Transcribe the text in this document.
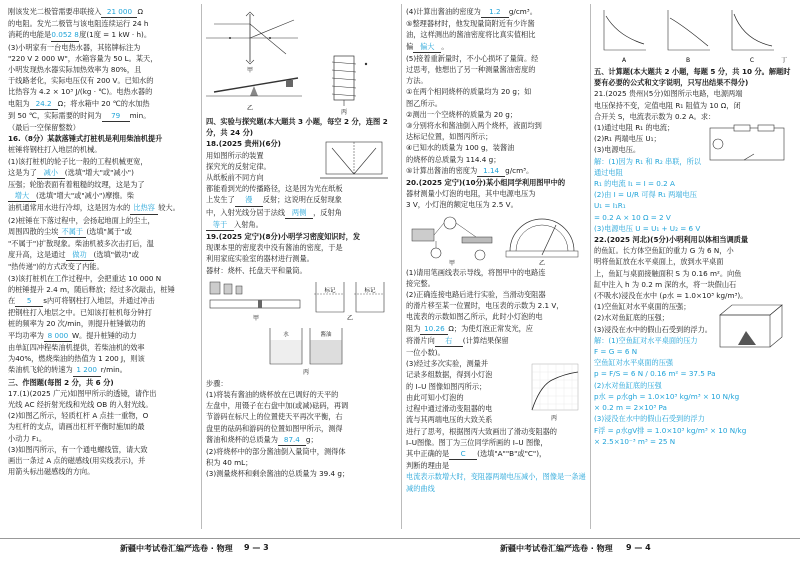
刚该发光二极管需要串联接入 21 000 Ω

的电阻。发光二极管与该电阻连续运行 24 h

消耗的电能是0.052 8度(1度 = 1 kW · h)。

(3)小明家有一台电热水器，其铭牌标注为

"220 V 2 000 W"，水箱容量为 50 L。某天，

小明发现热水器实际加热效率为 80%，且

于线路老化，实际电压仅有 200 V。已知水的

比热容为 4.2 × 10³ J/(kg · ℃)。电热水器的

电阻为 24.2 Ω；将水箱中 20 ℃的水加热

到 50 ℃，实际需要的时间为 79 min。

（最后一空保留整数）

16.（8分）某款落锤式打桩机是利用柴油机提升

桩锤将钢柱打入地层的机械。

(1)该打桩机的轮子比一般的工程机械更宽，

这是为了 减小 (选填"增大"或"减小")

压强；轮胎表面有着粗糙的纹理，这是为了

增大 (选填"增大"或"减小")摩擦。柴

油机通常用水进行冷却，这是因为水的 比热容 较大。

(2)桩锤在下落过程中，会扬起地面上的尘土，

周围四散的尘埃 不属于 (选填"属于"或

"不属于")扩散现象。柴油机被多次击打后，温

度升高，这是通过 做功 (选填"做功"或

"热传递")的方式改变了内能。

(3)该打桩机在工作过程中，会把重达 10 000 N

的桩锤提升 2.4 m，随后释放；经过多次敲击，桩锤

在 5 s内可将钢柱打入地层，并通过冲击

把钢柱打入地层之中。已知该打桩机每分钟打

桩的频率为 20 次/min，则提升桩锤做功的

平均功率为 8 000 W。提升桩锤的动力

由单缸四冲程柴油机提供，若柴油机的效率

为40%，燃烧柴油的热值为 1 200 J，则该

柴油机飞轮的转速为 1 200 r/min。

三、作图题(每图 2 分，共 6 分)

17.(1)(2025 广元)如图甲所示的透镜，请作出

光线 AC 经折射光线和光线 OB 的入射光线。

(2)如图乙所示，轻质杠杆 A 点挂一重物，O

为杠杆的支点，请画出杠杆平衡时施加的最

小动力 F₁。

(3)如图丙所示，有一个通电螺线管，请大致

画出一条过 A 点的磁感线(用实线表示)，并

用箭头标出磁感线的方向。

甲
乙
丙

四、实验与探究题(本大题共 3 小题，每空 2 分，连图 2 分，共 24 分)

18.(2025 贵州)(6分)

用如图所示的装置

探究光的反射定律。

从纸板前不同方向

都能看到光的传播路径，这是因为光在纸板

上发生了 漫 反射；这说明在反射现象

中，入射光线分居于法线 两侧 ，反射角

等于 入射角。

19.(2025 定宁)(8分)小明学习密度知识时，发

现课本里的密度表中没有酱油的密度，于是

利用家庭实验室的器材进行测量。

器材：烧杯、托盘天平和量筒。

甲
标记	标记
乙
水	酱油
丙

步骤：

(1)将装有酱油的烧杯放在已调好的天平的

左盘中，用镊子在右盘中加(或减)砝码，再调

节游码在标尺上的位置使天平再次平衡，右

盘里的砝码和游码的位置如图甲所示，测得

酱油和烧杯的总质量为 87.4 g；

(2)将烧杯中的部分酱油倒入量筒中，测得体

积为 40 mL；

(3)测量烧杯和剩余酱油的总质量为 39.4 g；

(4)计算出酱油的密度为 1.2 g/cm³。

⑤整理器材时，他发现量筒附近有少许酱

油，这样测出的酱油密度将比真实值相比

偏 偏大 。

(5)接着重新量时，不小心损坏了量筒。经

过思考，他想出了另一种测量酱油密度的

方法。

①在两个相同烧杯的质量均为 20 g；如

图乙所示。

②测出一个空烧杯的质量为 20 g；

③分别将水和酱油倒入两个烧杯，液面均到

达标记位置，如图丙所示；

④已知水的质量为 100 g，装酱油

的烧杯的总质量为 114.4 g；

⑤计算出酱油的密度为 1.14 g/cm³。

20.(2025 定宁)(10分)某小组同学利用图甲中的

器材测量小灯泡的电阻，其中电源电压为

3 V，小灯泡的额定电压为 2.5 V。

甲	乙

(1)请用笔画线表示导线，将图甲中的电路连

接完整。

(2)正确连接电路后进行实验，当滑动变阻器

的滑片移至某一位置时，电压表的示数为 2.1 V，

电流表的示数如图乙所示，此时小灯泡的电

阻为 10.26 Ω；为使灯泡正常发光，应

将滑片向 右 (计算结果保留

一位小数)。

(3)经过多次实验，测量并

记录多组数据，得到小灯泡

的 I–U 图像如图丙所示；

由此可知小灯泡的

过程中通过滑动变阻器的电

流与其两端电压的大致关系	丙

进行了思考，根据图丙大致画出了滑动变阻器的

I–U图像。图丁为三位同学所画的 I–U 图像，

其中正确的是 C (选填"A""B"或"C")，

判断的理由是

电流表示数增大时，变阻器两端电压减小，图像是一条递减的曲线

A	B	C	丁

五、计算题(本大题共 2 小题，每题 5 分，共 10 分。解题时要有必要的公式和文字说明，只写出结果不得分)

21.(2025 贵州)(5分)如图所示电路，电源两端

电压保持不变，定值电阻 R₁ 阻值为 10 Ω，闭

合开关 S，电流表示数为 0.2 A。求：

(1)通过电阻 R₁ 的电流；

(2)R₁ 两端电压 U₁；

(3)电源电压。

解：(1)因为 R₁ 和 R₂ 串联，所以通过电阻

R₁ 的电流 I₁ = I = 0.2 A

(2)由 I = U/R 可得 R₁ 两端电压 U₁ = I₁R₁

= 0.2 A × 10 Ω = 2 V

(3)电源电压 U = U₁ + U₂ = 6 V

22.(2025 河北)(5分)小明利用以体相当调质量

的鱼缸。长方体空鱼缸的重力 G 为 6 N，小

明将鱼缸放在水平桌面上，放到水平桌面

上，鱼缸与桌面接触面积 S 为 0.16 m²。向鱼

缸中注入 h 为 0.2 m 深的水，将一块假山石

(不吸水)浸没在水中 (ρ水 = 1.0×10³ kg/m³)。

(1)空鱼缸对水平桌面的压强；

(2)水对鱼缸底的压强；

(3)浸没在水中的假山石受到的浮力。

解：(1)空鱼缸对水平桌面的压力

F = G = 6 N

空鱼缸对水平桌面的压强

p = F/S = 6 N / 0.16 m² = 37.5 Pa

(2)水对鱼缸底的压强

p水 = ρ水gh = 1.0×10³ kg/m³ × 10 N/kg

× 0.2 m = 2×10³ Pa

(3)浸没在水中的假山石受到的浮力

F浮 = ρ水gV排 = 1.0×10³ kg/m³ × 10 N/kg

× 2.5×10⁻³ m³ = 25 N

新疆中考试卷汇编严选卷 · 物理 9 — 3	新疆中考试卷汇编严选卷 · 物理 9 — 4
